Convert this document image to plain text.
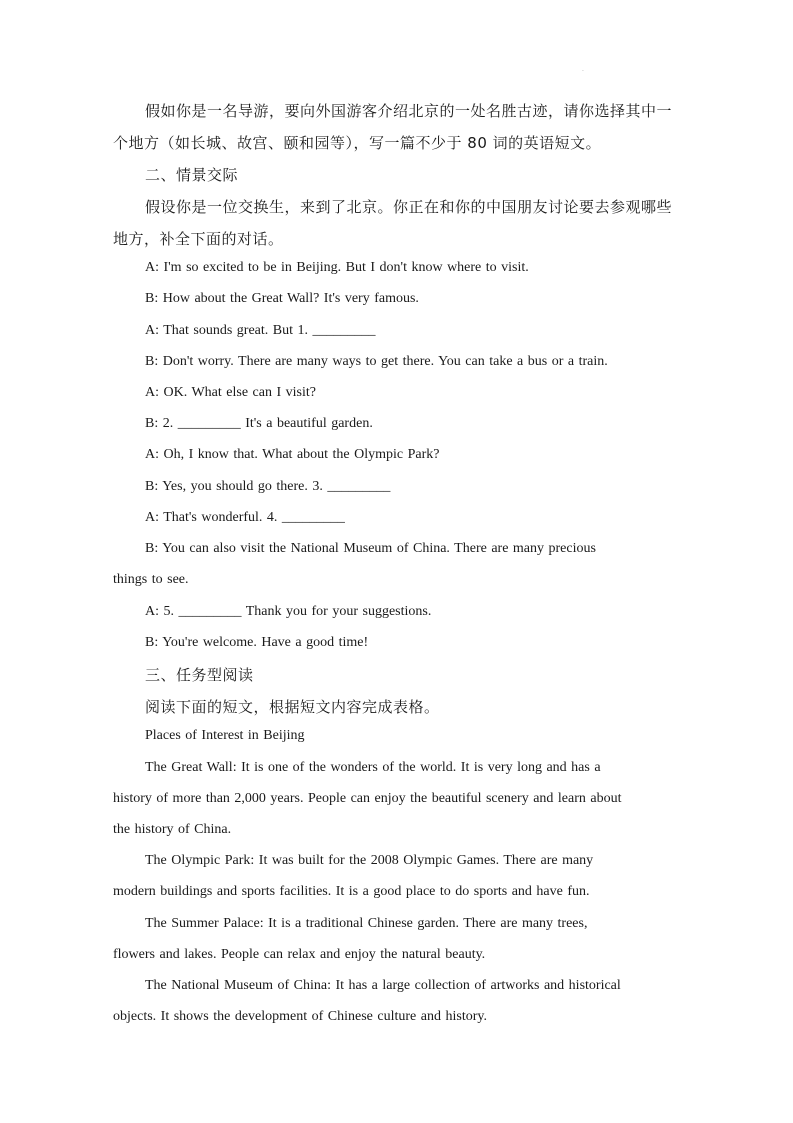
.
假如你是一名导游，要向外国游客介绍北京的一处名胜古迹，请你选择其中一
个地方（如长城、故宫、颐和园等），写一篇不少于 80 词的英语短文。
二、情景交际
假设你是一位交换生，来到了北京。你正在和你的中国朋友讨论要去参观哪些
地方，补全下面的对话。
A: I'm so excited to be in Beijing. But I don't know where to visit.
B: How about the Great Wall? It's very famous.
A: That sounds great. But 1. _________
B: Don't worry. There are many ways to get there. You can take a bus or a train.
A: OK. What else can I visit?
B: 2. _________ It's a beautiful garden.
A: Oh, I know that. What about the Olympic Park?
B: Yes, you should go there. 3. _________
A: That's wonderful. 4. _________
B: You can also visit the National Museum of China. There are many precious
things to see.
A: 5. _________ Thank you for your suggestions.
B: You're welcome. Have a good time!
三、任务型阅读
阅读下面的短文，根据短文内容完成表格。
Places of Interest in Beijing
The Great Wall: It is one of the wonders of the world. It is very long and has a
history of more than 2,000 years. People can enjoy the beautiful scenery and learn about
the history of China.
The Olympic Park: It was built for the 2008 Olympic Games. There are many
modern buildings and sports facilities. It is a good place to do sports and have fun.
The Summer Palace: It is a traditional Chinese garden. There are many trees,
flowers and lakes. People can relax and enjoy the natural beauty.
The National Museum of China: It has a large collection of artworks and historical
objects. It shows the development of Chinese culture and history.
